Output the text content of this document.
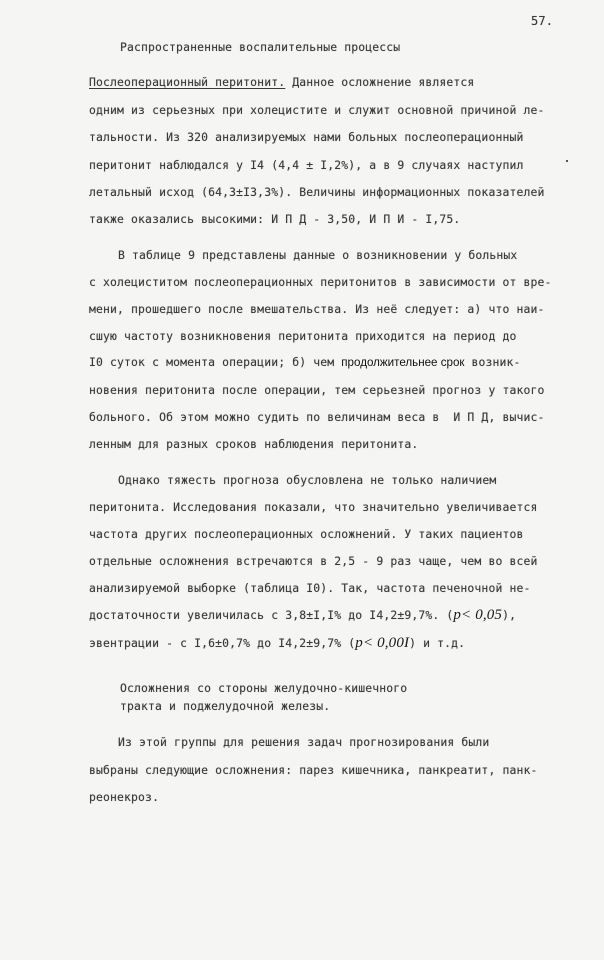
57.
Распространенные воспалительные процессы
Послеоперационный перитонит. Данное осложнение является
одним из серьезных при холецистите и служит основной причиной ле-
тальности. Из 320 анализируемых нами больных послеоперационный
перитонит наблюдался у I4 (4,4 ± I,2%), а в 9 случаях наступил
летальный исход (64,3±I3,3%). Величины информационных показателей
также оказались высокими: И П Д - 3,50, И П И - I,75.
В таблице 9 представлены данные о возникновении у больных
с холециститом послеоперационных перитонитов в зависимости от вре-
мени, прошедшего после вмешательства. Из неё следует: а) что наи-
сшую частоту возникновения перитонита приходится на период до
I0 суток с момента операции; б) чем продолжительнее срок возник-
новения перитонита после операции, тем серьезней прогноз у такого
больного. Об этом можно судить по величинам веса в  И П Д, вычис-
ленным для разных сроков наблюдения перитонита.
Однако тяжесть прогноза обусловлена не только наличием
перитонита. Исследования показали, что значительно увеличивается
частота других послеоперационных осложнений. У таких пациентов
отдельные осложнения встречаются в 2,5 - 9 раз чаще, чем во всей
анализируемой выборке (таблица I0). Так, частота печеночной не-
достаточности увеличилась с 3,8±I,I% до I4,2±9,7%. (p< 0,05),
эвентрации - с I,6±0,7% до I4,2±9,7% (p< 0,00I) и т.д.
Осложнения со стороны желудочно-кишечного
тракта и поджелудочной железы.
Из этой группы для решения задач прогнозирования были
выбраны следующие осложнения: парез кишечника, панкреатит, панк-
реонекроз.
